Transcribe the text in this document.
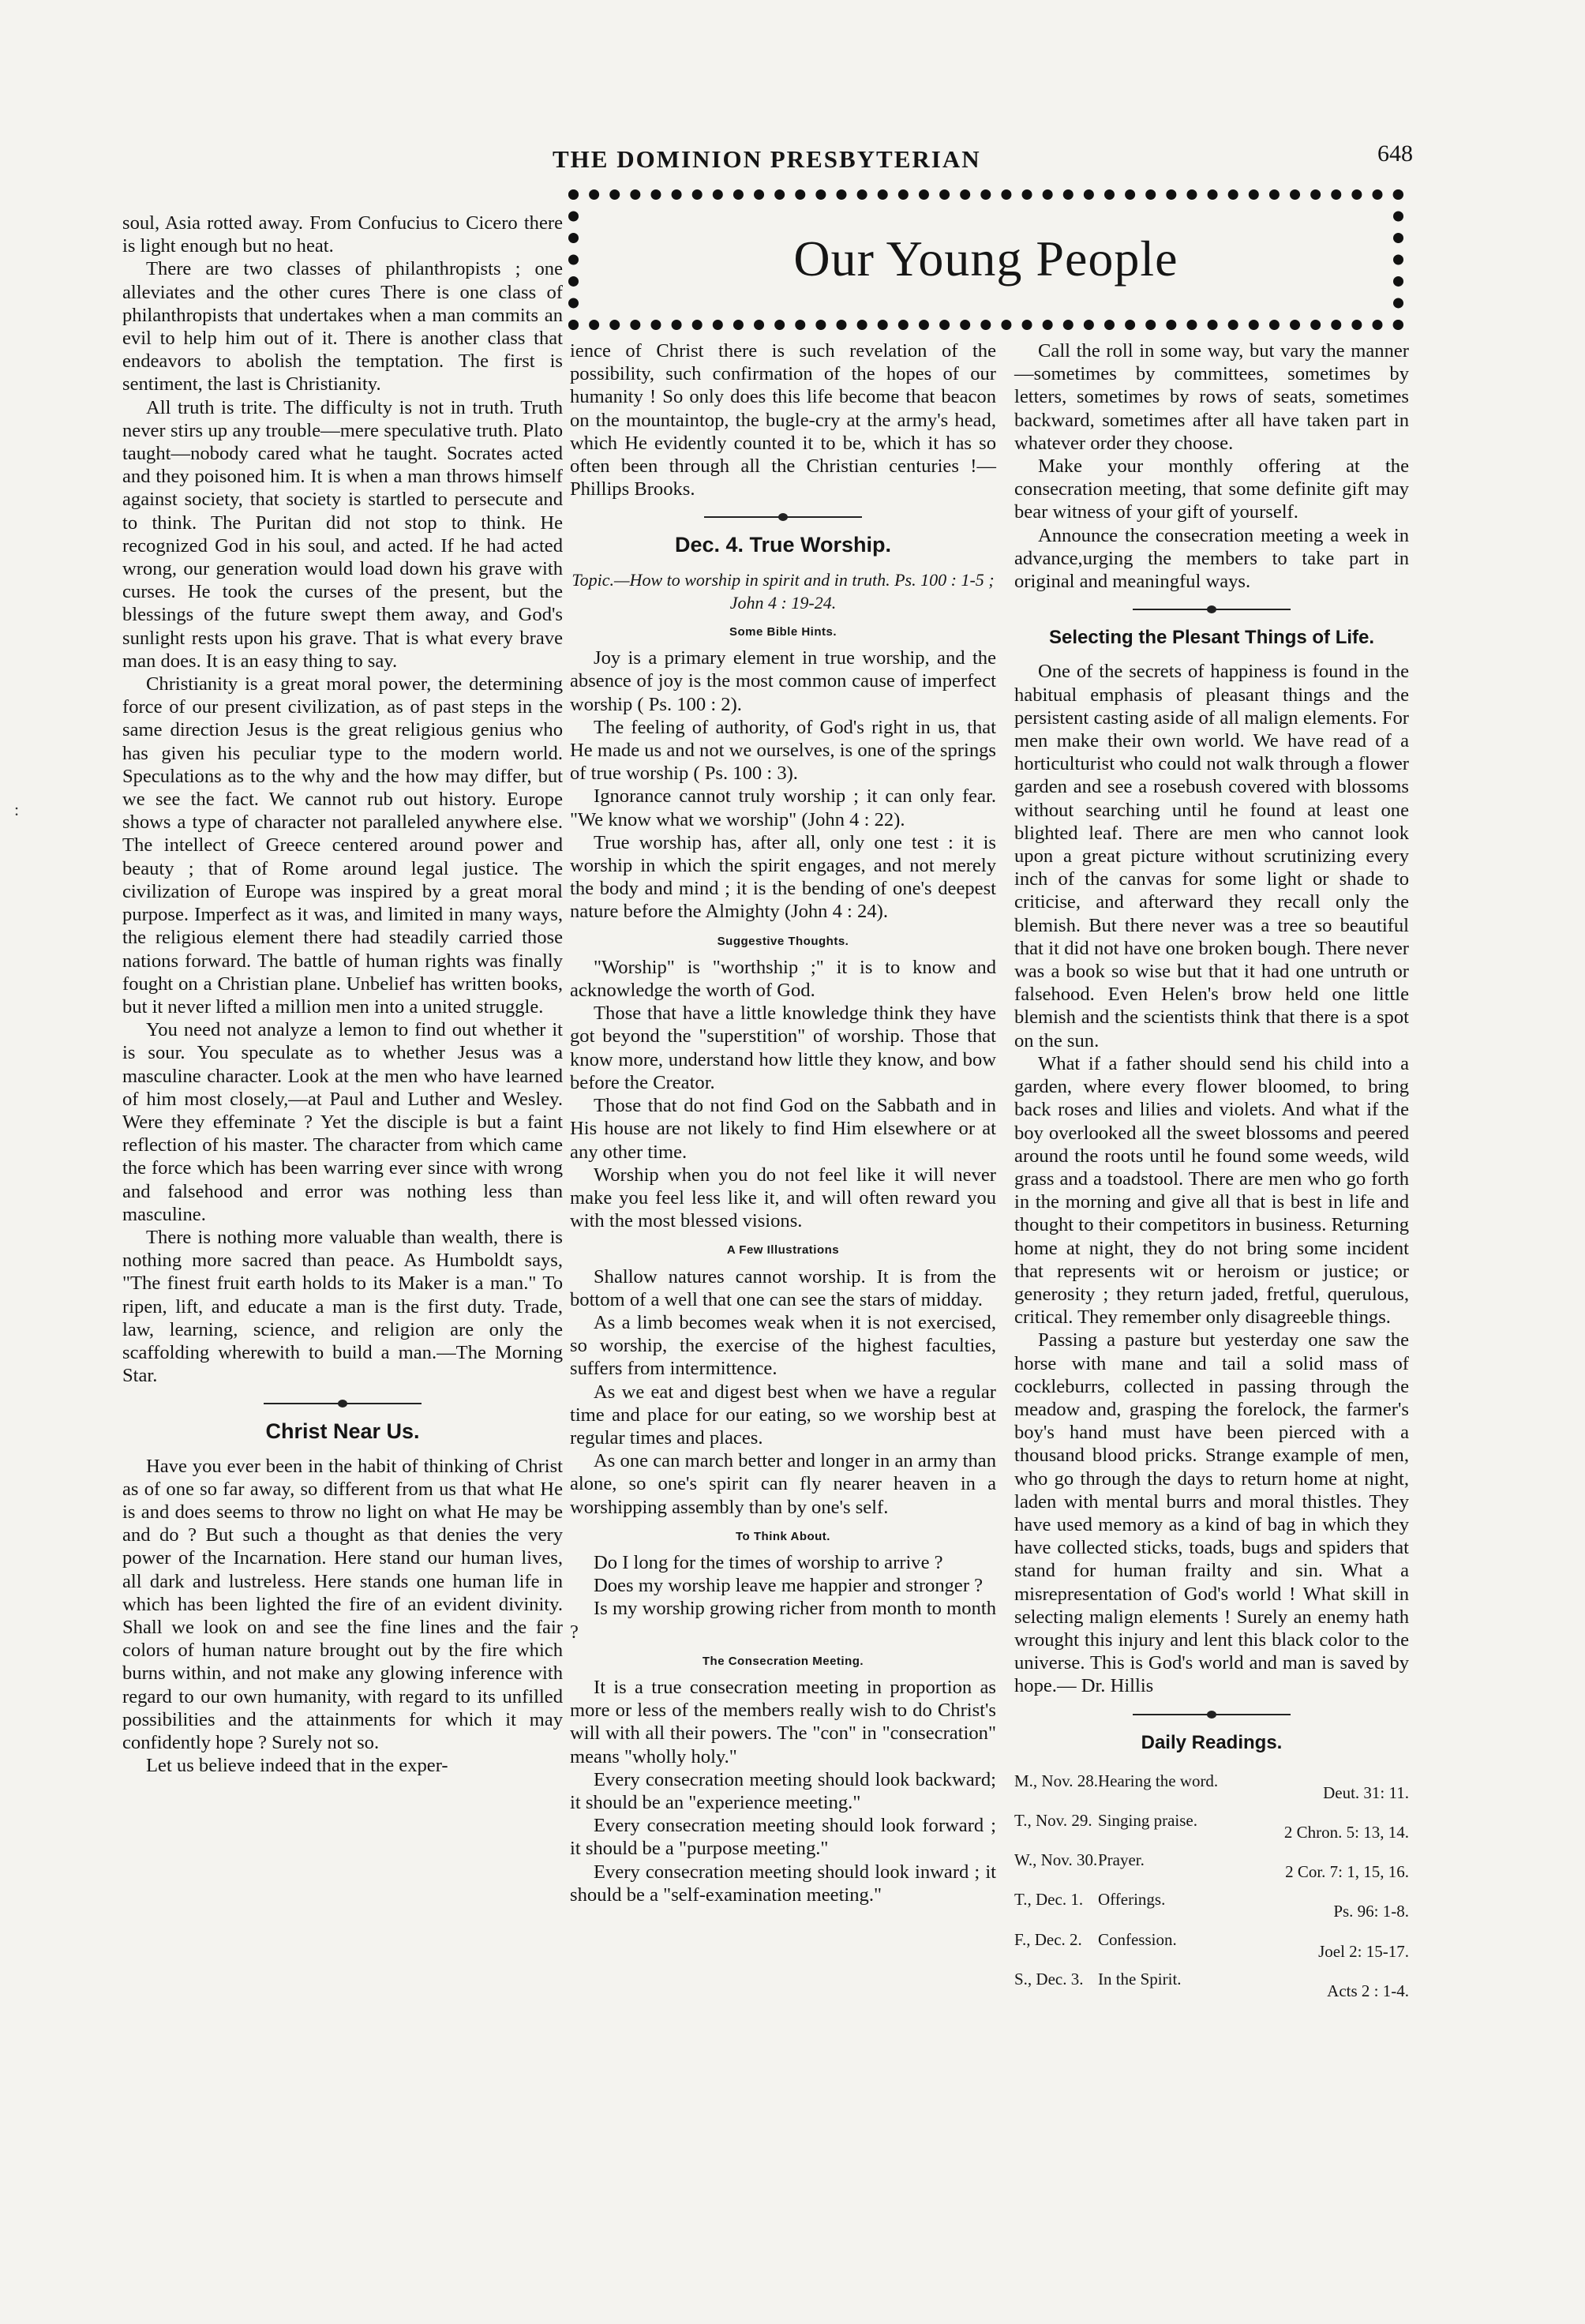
THE DOMINION PRESBYTERIAN	648
Our Young People
:

soul, Asia rotted away. From Confucius to Cicero there is light enough but no heat.

There are two classes of philanthropists ; one alleviates and the other cures There is one class of philanthropists that undertakes when a man commits an evil to help him out of it. There is another class that endeavors to abolish the temptation. The first is sentiment, the last is Christianity.

All truth is trite. The difficulty is not in truth. Truth never stirs up any trouble—mere speculative truth. Plato taught—nobody cared what he taught. Socrates acted and they poisoned him. It is when a man throws himself against society, that society is startled to persecute and to think. The Puritan did not stop to think. He recognized God in his soul, and acted. If he had acted wrong, our generation would load down his grave with curses. He took the curses of the present, but the blessings of the future swept them away, and God's sunlight rests upon his grave. That is what every brave man does. It is an easy thing to say.

Christianity is a great moral power, the determining force of our present civilization, as of past steps in the same direction Jesus is the great religious genius who has given his peculiar type to the modern world. Speculations as to the why and the how may differ, but we see the fact. We cannot rub out history. Europe shows a type of character not paralleled anywhere else. The intellect of Greece centered around power and beauty ; that of Rome around legal justice. The civilization of Europe was inspired by a great moral purpose. Imperfect as it was, and limited in many ways, the religious element there had steadily carried those nations forward. The battle of human rights was finally fought on a Christian plane. Unbelief has written books, but it never lifted a million men into a united struggle.

You need not analyze a lemon to find out whether it is sour. You speculate as to whether Jesus was a masculine character. Look at the men who have learned of him most closely,—at Paul and Luther and Wesley. Were they effeminate ? Yet the disciple is but a faint reflection of his master. The character from which came the force which has been warring ever since with wrong and falsehood and error was nothing less than masculine.

There is nothing more valuable than wealth, there is nothing more sacred than peace. As Humboldt says, "The finest fruit earth holds to its Maker is a man." To ripen, lift, and educate a man is the first duty. Trade, law, learning, science, and religion are only the scaffolding wherewith to build a man.—The Morning Star.

Christ Near Us.

Have you ever been in the habit of thinking of Christ as of one so far away, so different from us that what He is and does seems to throw no light on what He may be and do ? But such a thought as that denies the very power of the Incarnation. Here stand our human lives, all dark and lustreless. Here stands one human life in which has been lighted the fire of an evident divinity. Shall we look on and see the fine lines and the fair colors of human nature brought out by the fire which burns within, and not make any glowing inference with regard to our own humanity, with regard to its unfilled possibilities and the attainments for which it may confidently hope ? Surely not so.

Let us believe indeed that in the exper-

ience of Christ there is such revelation of the possibility, such confirmation of the hopes of our humanity ! So only does this life become that beacon on the mountaintop, the bugle-cry at the army's head, which He evidently counted it to be, which it has so often been through all the Christian centuries !—Phillips Brooks.

Dec. 4. True Worship.

Topic.—How to worship in spirit and in truth. Ps. 100 : 1-5 ; John 4 : 19-24.

Some Bible Hints.

Joy is a primary element in true worship, and the absence of joy is the most common cause of imperfect worship ( Ps. 100 : 2).

The feeling of authority, of God's right in us, that He made us and not we ourselves, is one of the springs of true worship ( Ps. 100 : 3).

Ignorance cannot truly worship ; it can only fear. "We know what we worship" (John 4 : 22).

True worship has, after all, only one test : it is worship in which the spirit engages, and not merely the body and mind ; it is the bending of one's deepest nature before the Almighty (John 4 : 24).

Suggestive Thoughts.

"Worship" is "worthship ;" it is to know and acknowledge the worth of God.

Those that have a little knowledge think they have got beyond the "superstition" of worship. Those that know more, understand how little they know, and bow before the Creator.

Those that do not find God on the Sabbath and in His house are not likely to find Him elsewhere or at any other time.

Worship when you do not feel like it will never make you feel less like it, and will often reward you with the most blessed visions.

A Few Illustrations

Shallow natures cannot worship. It is from the bottom of a well that one can see the stars of midday.

As a limb becomes weak when it is not exercised, so worship, the exercise of the highest faculties, suffers from intermittence.

As we eat and digest best when we have a regular time and place for our eating, so we worship best at regular times and places.

As one can march better and longer in an army than alone, so one's spirit can fly nearer heaven in a worshipping assembly than by one's self.

To Think About.

Do I long for the times of worship to arrive ?

Does my worship leave me happier and stronger ?

Is my worship growing richer from month to month ?

The Consecration Meeting.

It is a true consecration meeting in proportion as more or less of the members really wish to do Christ's will with all their powers. The "con" in "consecration" means "wholly holy."

Every consecration meeting should look backward; it should be an "experience meeting."

Every consecration meeting should look forward ; it should be a "purpose meeting."

Every consecration meeting should look inward ; it should be a "self-examination meeting."

Call the roll in some way, but vary the manner—sometimes by committees, sometimes by letters, sometimes by rows of seats, sometimes backward, sometimes after all have taken part in whatever order they choose.

Make your monthly offering at the consecration meeting, that some definite gift may bear witness of your gift of yourself.

Announce the consecration meeting a week in advance,urging the members to take part in original and meaningful ways.

Selecting the Plesant Things of Life.

One of the secrets of happiness is found in the habitual emphasis of pleasant things and the persistent casting aside of all malign elements. For men make their own world. We have read of a horticulturist who could not walk through a flower garden and see a rosebush covered with blossoms without searching until he found at least one blighted leaf. There are men who cannot look upon a great picture without scrutinizing every inch of the canvas for some light or shade to criticise, and afterward they recall only the blemish. But there never was a tree so beautiful that it did not have one broken bough. There never was a book so wise but that it had one untruth or falsehood. Even Helen's brow held one little blemish and the scientists think that there is a spot on the sun.

What if a father should send his child into a garden, where every flower bloomed, to bring back roses and lilies and violets. And what if the boy overlooked all the sweet blossoms and peered around the roots until he found some weeds, wild grass and a toadstool. There are men who go forth in the morning and give all that is best in life and thought to their competitors in business. Returning home at night, they do not bring some incident that represents wit or heroism or justice; or generosity ; they return jaded, fretful, querulous, critical. They remember only disagreeble things.

Passing a pasture but yesterday one saw the horse with mane and tail a solid mass of cockleburrs, collected in passing through the meadow and, grasping the forelock, the farmer's boy's hand must have been pierced with a thousand blood pricks. Strange example of men, who go through the days to return home at night, laden with mental burrs and moral thistles. They have used memory as a kind of bag in which they have collected sticks, toads, bugs and spiders that stand for human frailty and sin. What a misrepresentation of God's world ! What skill in selecting malign elements ! Surely an enemy hath wrought this injury and lent this black color to the universe. This is God's world and man is saved by hope.— Dr. Hillis

Daily Readings.
M., Nov. 28.	Hearing the word.	Deut. 31: 11.
T., Nov. 29.	Singing praise.	2 Chron. 5: 13, 14.
W., Nov. 30.	Prayer.	2 Cor. 7: 1, 15, 16.
T., Dec. 1.	Offerings.	Ps. 96: 1-8.
F., Dec. 2.	Confession.	Joel 2: 15-17.
S., Dec. 3.	In the Spirit.	Acts 2 : 1-4.
